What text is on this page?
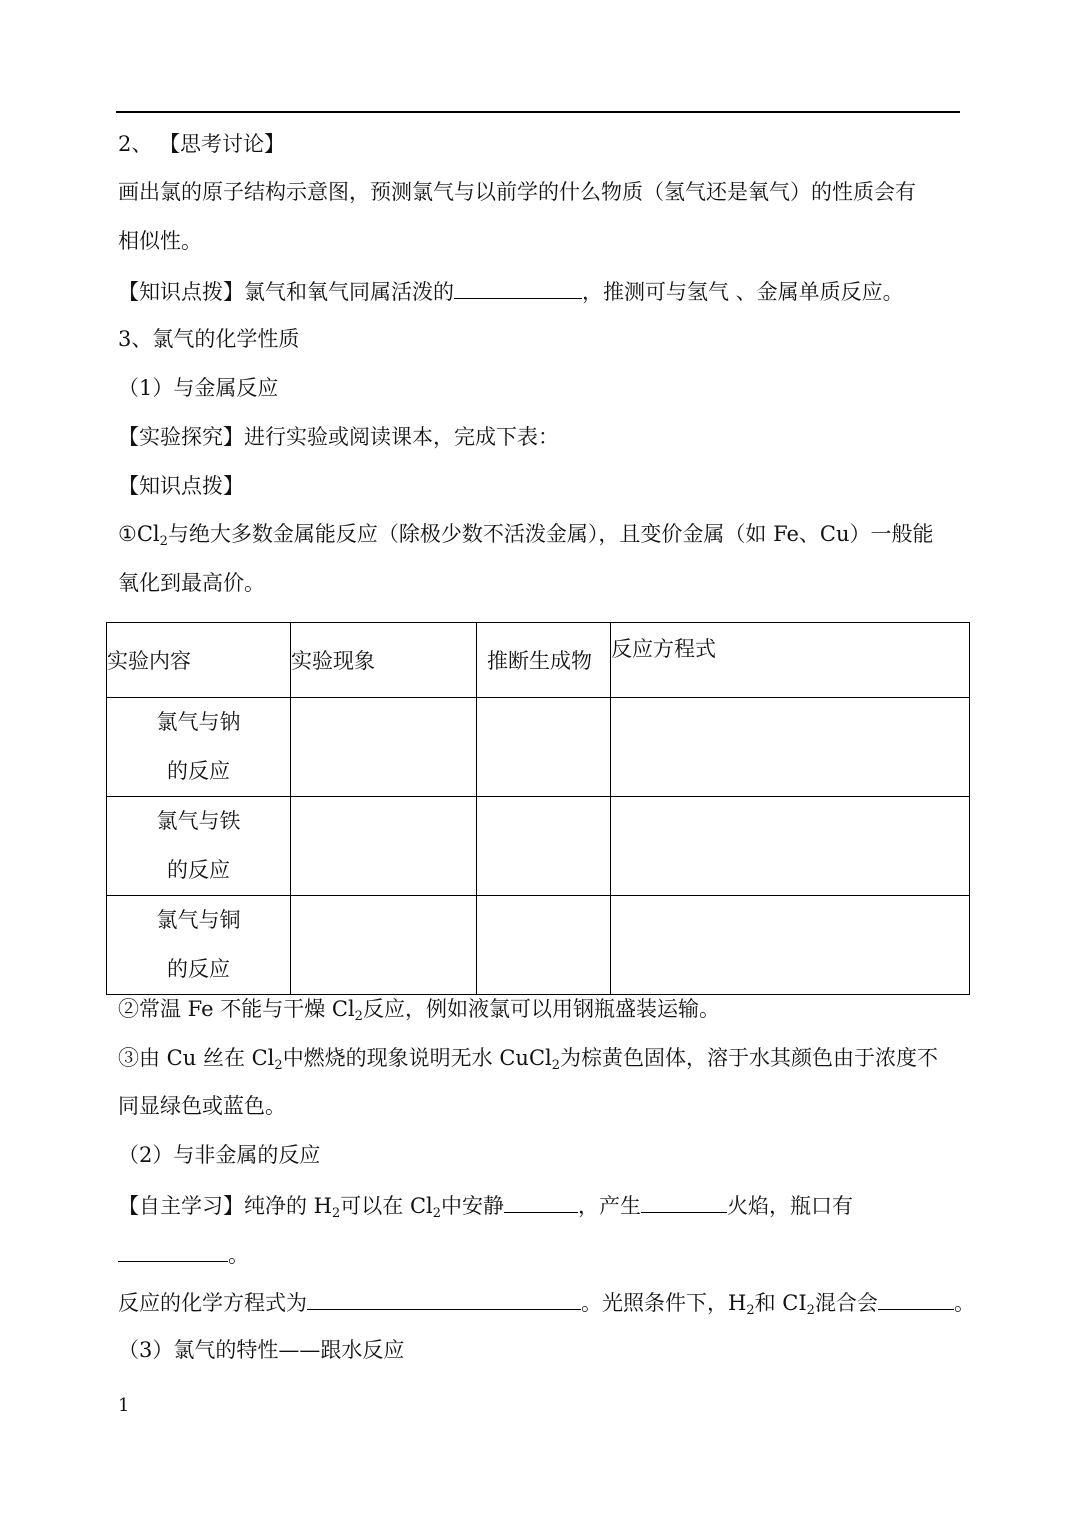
2、 【思考讨论】
画出氯的原子结构示意图，预测氯气与以前学的什么物质（氢气还是氧气）的性质会有
相似性。
【知识点拨】氯气和氧气同属活泼的	，推测可与氢气 、金属单质反应。
3、氯气的化学性质
（1）与金属反应
【实验探究】进行实验或阅读课本，完成下表：
【知识点拨】
$①Cl_2$与绝大多数金属能反应（除极少数不活泼金属），且变价金属（如 Fe、Cu）一般能
氧化到最高价。
实验内容	实验现象	推断生成物	反应方程式

氯气与钠
的反应			

氯气与铁
的反应			

氯气与铜
的反应			

②常温 Fe 不能与干燥 $Cl_2$反应，例如液氯可以用钢瓶盛装运输。
③由 Cu 丝在 $Cl_2$中燃烧的现象说明无水 CuCl$_2$为棕黄色固体，溶于水其颜色由于浓度不
同显绿色或蓝色。
（2）与非金属的反应
【自主学习】纯净的 $H_2$可以在 $Cl_2$中安静	，产生	火焰，瓶口有
。
反应的化学方程式为	。光照条件下，$H_2$和 $CI_2$混合会	。
（3）氯气的特性——跟水反应
1
